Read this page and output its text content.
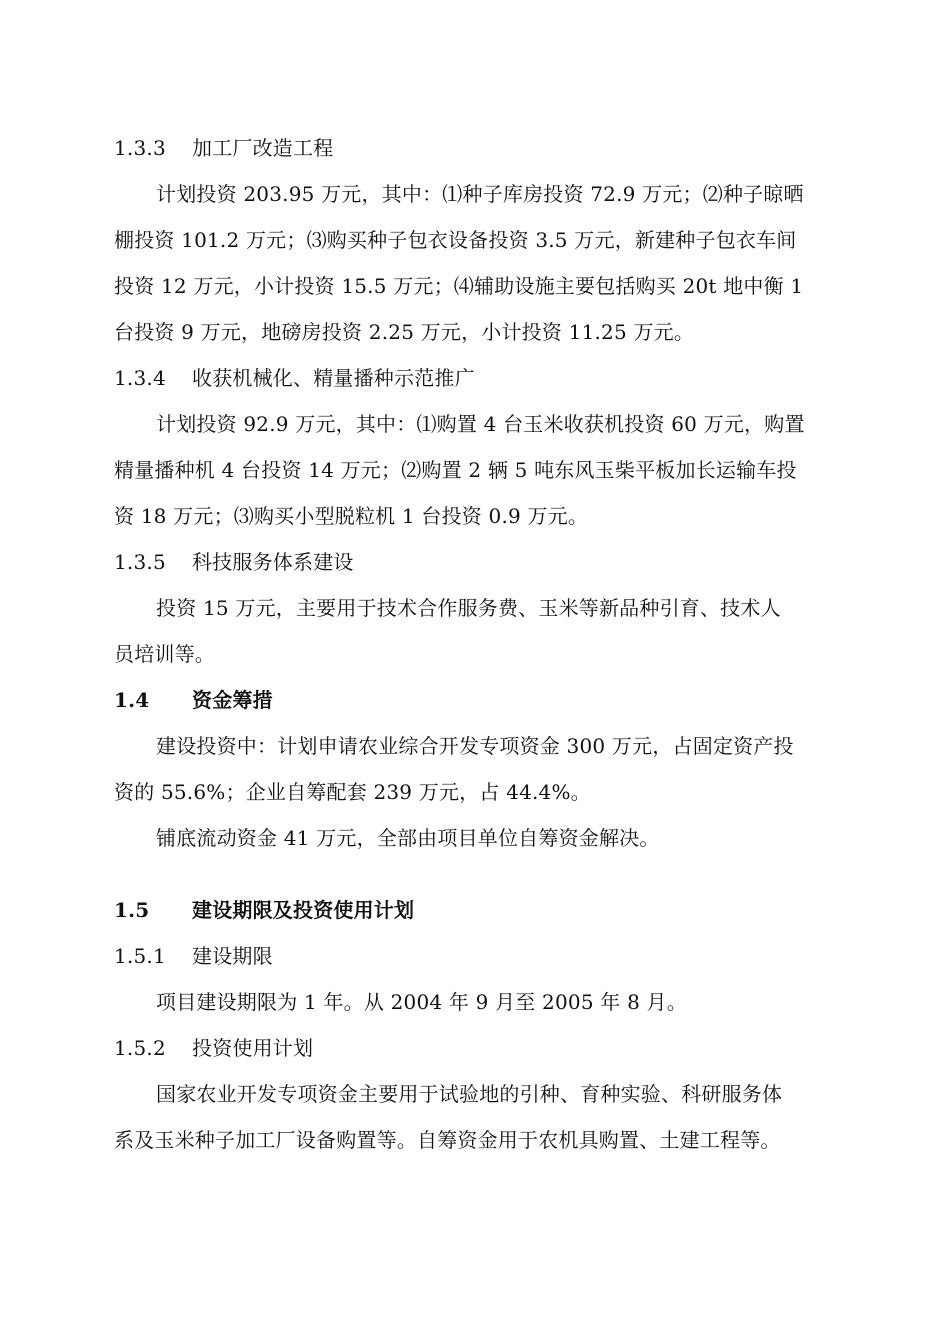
1.3.3 加工厂改造工程
计划投资 203.95 万元，其中：⑴种子库房投资 72.9 万元；⑵种子晾晒
棚投资 101.2 万元；⑶购买种子包衣设备投资 3.5 万元，新建种子包衣车间
投资 12 万元，小计投资 15.5 万元；⑷辅助设施主要包括购买 20t 地中衡 1
台投资 9 万元，地磅房投资 2.25 万元，小计投资 11.25 万元。
1.3.4 收获机械化、精量播种示范推广
计划投资 92.9 万元，其中：⑴购置 4 台玉米收获机投资 60 万元，购置
精量播种机 4 台投资 14 万元；⑵购置 2 辆 5 吨东风玉柴平板加长运输车投
资 18 万元；⑶购买小型脱粒机 1 台投资 0.9 万元。
1.3.5 科技服务体系建设
投资 15 万元，主要用于技术合作服务费、玉米等新品种引育、技术人
员培训等。
1.4 资金筹措
建设投资中：计划申请农业综合开发专项资金 300 万元，占固定资产投
资的 55.6%；企业自筹配套 239 万元，占 44.4%。
铺底流动资金 41 万元，全部由项目单位自筹资金解决。
1.5 建设期限及投资使用计划
1.5.1 建设期限
项目建设期限为 1 年。从 2004 年 9 月至 2005 年 8 月。
1.5.2 投资使用计划
国家农业开发专项资金主要用于试验地的引种、育种实验、科研服务体
系及玉米种子加工厂设备购置等。自筹资金用于农机具购置、土建工程等。
